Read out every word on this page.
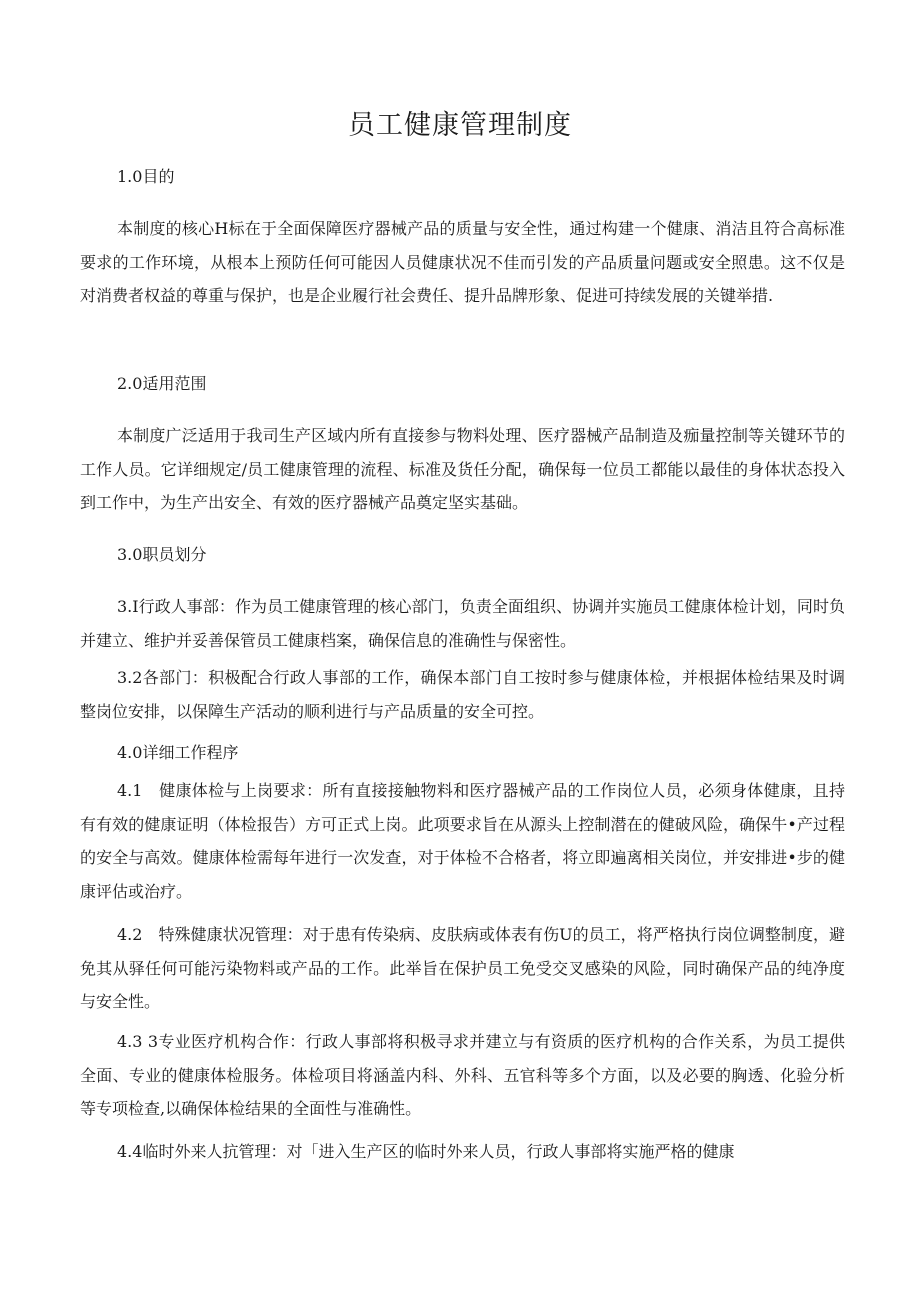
员工健康管理制度
1.0目的

本制度的核心H标在于全面保障医疗器械产品的质量与安全性，通过构建一个健康、消洁且符合高标准要求的工作环境，从根本上预防任何可能因人员健康状况不佳而引发的产品质量问题或安全照患。这不仅是对消费者权益的尊重与保护，也是企业履行社会费任、提升品牌形象、促进可持续发展的关键举措.

2.0适用范围

本制度广泛适用于我司生产区域内所有直接参与物料处理、医疗器械产品制造及痂量控制等关键环节的工作人员。它详细规定/员工健康管理的流程、标准及货任分配，确保每一位员工都能以最佳的身体状态投入到工作中，为生产出安全、有效的医疗器械产品奠定坚实基础。

3.0职员划分

3.I行政人事部：作为员工健康管理的核心部门，负责全面组织、协调并实施员工健康体检计划，同时负并建立、维护并妥善保管员工健康档案，确保信息的准确性与保密性。

3.2各部门：积极配合行政人事部的工作，确保本部门自工按时参与健康体检，并根据体检结果及时调整岗位安排，以保障生产活动的顺利进行与产品质量的安全可控。

4.0详细工作程序

4.1　健康体检与上岗要求：所有直接接触物料和医疗器械产品的工作岗位人员，必须身体健康，且持有有效的健康证明（体检报告）方可正式上岗。此项要求旨在从源头上控制潜在的健破风险，确保牛•产过程的安全与高效。健康体检需每年进行一次发查，对于体检不合格者，将立即遍离相关岗位，并安排进•步的健康评估或治疗。

4.2　特殊健康状况管理：对于患有传染病、皮肤病或体表有伤U的员工，将严格执行岗位调整制度，避免其从驿任何可能污染物料或产品的工作。此举旨在保护员工免受交叉感染的风险，同时确保产品的纯净度与安全性。

4.3 3专业医疗机构合作：行政人事部将积极寻求并建立与有资质的医疗机构的合作关系，为员工提供全面、专业的健康体检服务。体检项目将涵盖内科、外科、五官科等多个方面，以及必要的胸透、化验分析等专项检查,以确保体检结果的全面性与准确性。

4.4临时外来人抗管理：对「进入生产区的临时外来人员，行政人事部将实施严格的健康
